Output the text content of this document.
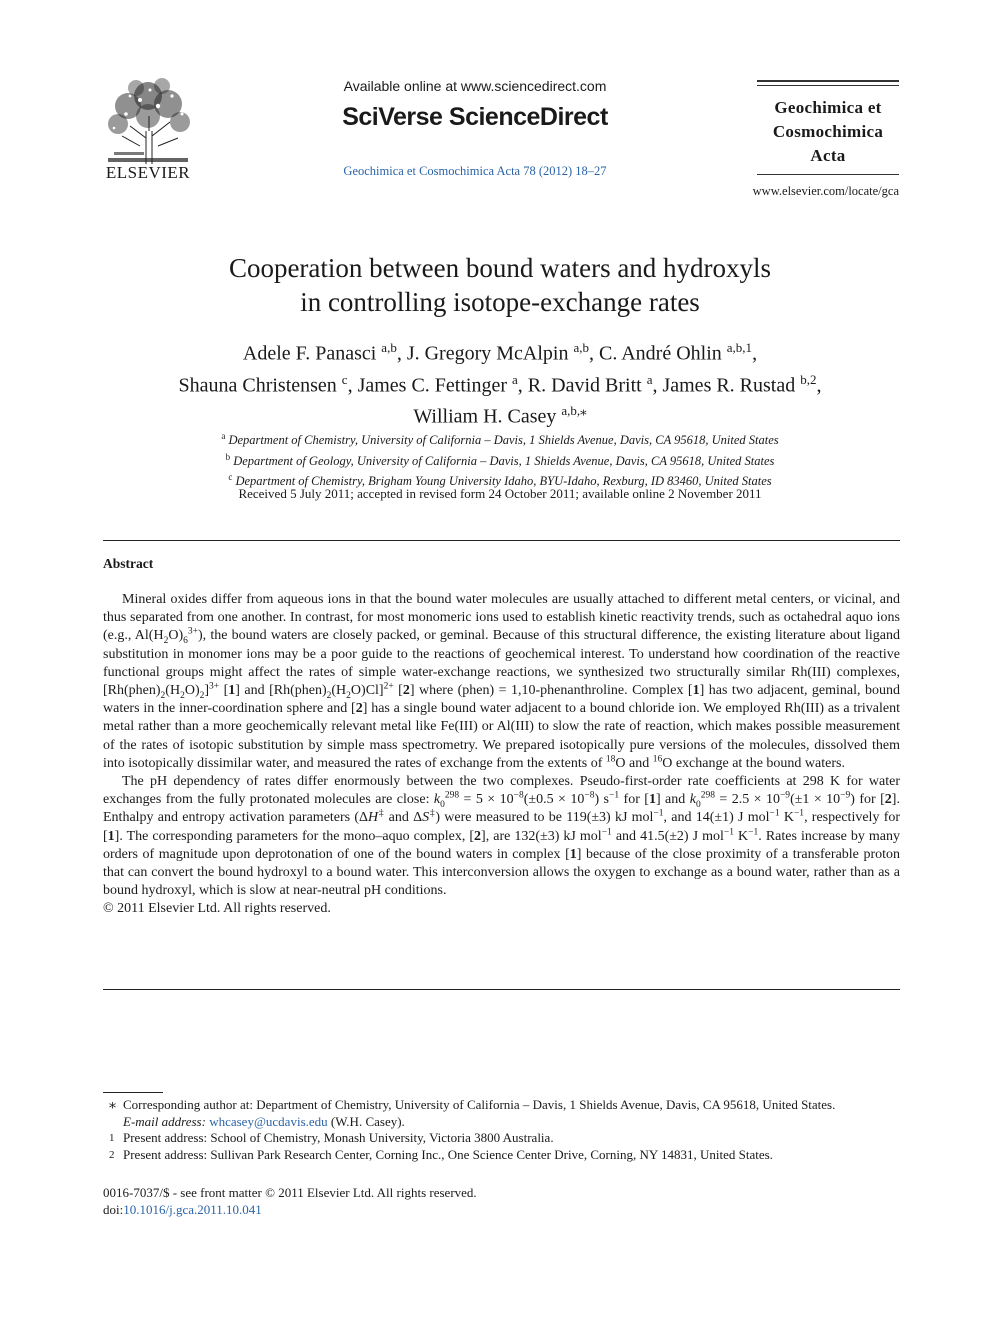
ELSEVIER
Available online at www.sciencedirect.com
SciVerse ScienceDirect
Geochimica et Cosmochimica Acta 78 (2012) 18–27
Geochimica et
Cosmochimica
Acta
www.elsevier.com/locate/gca
Cooperation between bound waters and hydroxyls
in controlling isotope-exchange rates
Adele F. Panasci $^{a,b}$, J. Gregory McAlpin $^{a,b}$, C. André Ohlin $^{a,b,1}$,
Shauna Christensen $^c$, James C. Fettinger $^a$, R. David Britt $^a$, James R. Rustad $^{b,2}$,
William H. Casey $^{a,b,⁎}$
$^a$ Department of Chemistry, University of California – Davis, 1 Shields Avenue, Davis, CA 95618, United States
$^b$ Department of Geology, University of California – Davis, 1 Shields Avenue, Davis, CA 95618, United States
$^c$ Department of Chemistry, Brigham Young University Idaho, BYU-Idaho, Rexburg, ID 83460, United States
Received 5 July 2011; accepted in revised form 24 October 2011; available online 2 November 2011
Abstract

Mineral oxides differ from aqueous ions in that the bound water molecules are usually attached to different metal centers, or vicinal, and thus separated from one another. In contrast, for most monomeric ions used to establish kinetic reactivity trends, such as octahedral aquo ions (e.g., $Al(H_2O)_6^{3+}$), the bound waters are closely packed, or geminal. Because of this structural difference, the existing literature about ligand substitution in monomer ions may be a poor guide to the reactions of geochemical interest. To understand how coordination of the reactive functional groups might affect the rates of simple water-exchange reactions, we synthesized two structurally similar Rh(III) complexes, $[Rh(phen)_2(H_2O)_2]^{3+}$ [1] and $[Rh(phen)_2(H_2O)Cl]^{2+}$ [2] where (phen) = 1,10-phenanthroline. Complex [1] has two adjacent, geminal, bound waters in the inner-coordination sphere and [2] has a single bound water adjacent to a bound chloride ion. We employed Rh(III) as a trivalent metal rather than a more geochemically relevant metal like Fe(III) or Al(III) to slow the rate of reaction, which makes possible measurement of the rates of isotopic substitution by simple mass spectrometry. We prepared isotopically pure versions of the molecules, dissolved them into isotopically dissimilar water, and measured the rates of exchange from the extents of $^{18}$O and $^{16}$O exchange at the bound waters.

The pH dependency of rates differ enormously between the two complexes. Pseudo-first-order rate coefficients at 298 K for water exchanges from the fully protonated molecules are close: $k_0^{298} = 5 \times 10^{-8}(\pm 0.5 \times 10^{-8})$ $s^{-1}$ for [1] and $k_0^{298} = 2.5 \times 10^{-9}(\pm 1 \times 10^{-9})$ for [2]. Enthalpy and entropy activation parameters (ΔH‡ and ΔS‡) were measured to be 119(±3) kJ mol$^{-1}$, and 14(±1) J mol$^{-1}$ $K^{-1}$, respectively for [1]. The corresponding parameters for the mono–aquo complex, [2], are 132(±3) kJ mol$^{-1}$ and 41.5(±2) J mol$^{-1}$ $K^{-1}$. Rates increase by many orders of magnitude upon deprotonation of one of the bound waters in complex [1] because of the close proximity of a transferable proton that can convert the bound hydroxyl to a bound water. This interconversion allows the oxygen to exchange as a bound water, rather than as a bound hydroxyl, which is slow at near-neutral pH conditions.

© 2011 Elsevier Ltd. All rights reserved.

⁎ Corresponding author at: Department of Chemistry, University of California – Davis, 1 Shields Avenue, Davis, CA 95618, United States.
E-mail address: whcasey@ucdavis.edu (W.H. Casey).
1 Present address: School of Chemistry, Monash University, Victoria 3800 Australia.
2 Present address: Sullivan Park Research Center, Corning Inc., One Science Center Drive, Corning, NY 14831, United States.
0016-7037/$ - see front matter © 2011 Elsevier Ltd. All rights reserved.
doi:10.1016/j.gca.2011.10.041
